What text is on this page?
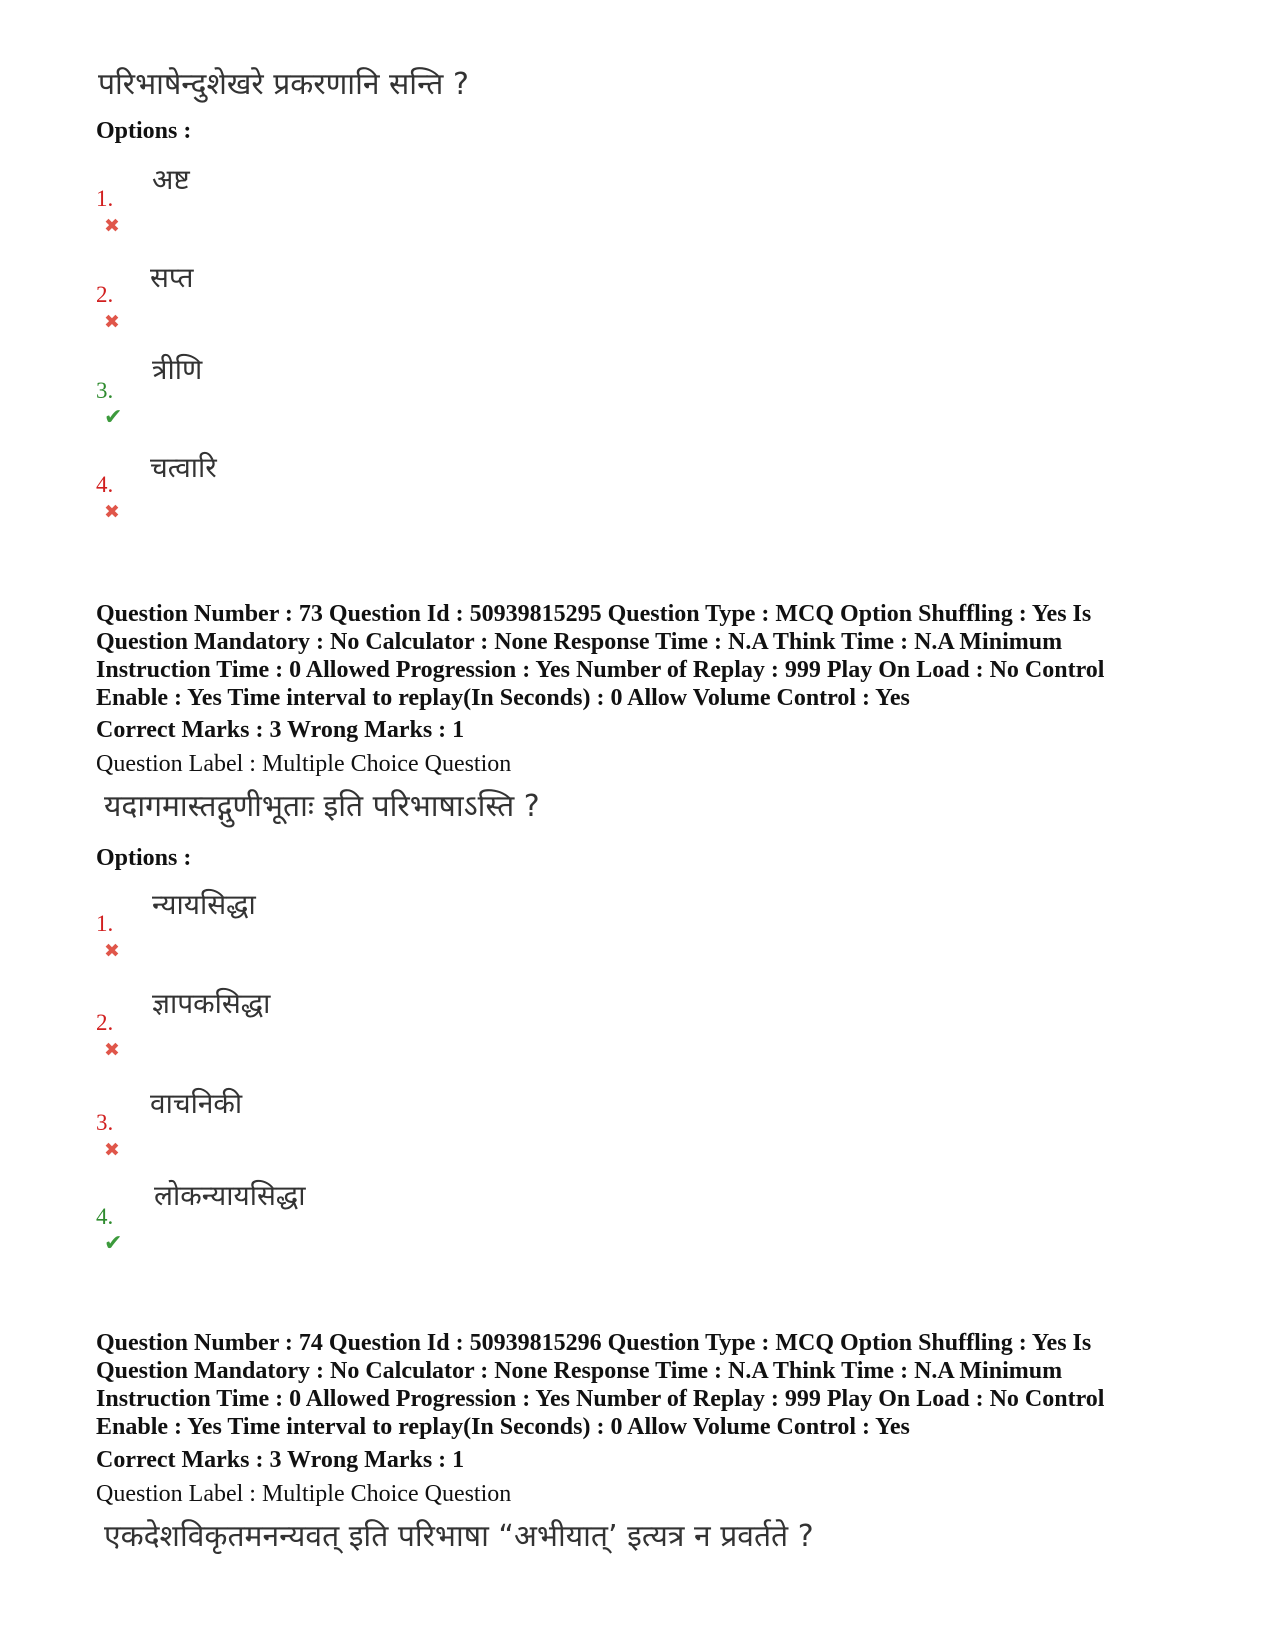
परिभाषेन्दुशेखरे प्रकरणानि सन्ति ?
Options :
अष्ट
1.✖
सप्त
2.✖
त्रीणि
3.✔
चत्वारि
4.✖
Question Number : 73 Question Id : 50939815295 Question Type : MCQ Option Shuffling : Yes Is
Question Mandatory : No Calculator : None Response Time : N.A Think Time : N.A Minimum
Instruction Time : 0 Allowed Progression : Yes Number of Replay : 999 Play On Load : No Control
Enable : Yes Time interval to replay(In Seconds) : 0 Allow Volume Control : Yes
Correct Marks : 3 Wrong Marks : 1
Question Label : Multiple Choice Question
यदागमास्तद्गुणीभूताः इति परिभाषाऽस्ति ?
Options :
न्यायसिद्धा
1.✖
ज्ञापकसिद्धा
2.✖
वाचनिकी
3.✖
लोकन्यायसिद्धा
4.✔
Question Number : 74 Question Id : 50939815296 Question Type : MCQ Option Shuffling : Yes Is
Question Mandatory : No Calculator : None Response Time : N.A Think Time : N.A Minimum
Instruction Time : 0 Allowed Progression : Yes Number of Replay : 999 Play On Load : No Control
Enable : Yes Time interval to replay(In Seconds) : 0 Allow Volume Control : Yes
Correct Marks : 3 Wrong Marks : 1
Question Label : Multiple Choice Question
एकदेशविकृतमनन्यवत् इति परिभाषा “अभीयात्’ इत्यत्र न प्रवर्तते ?
